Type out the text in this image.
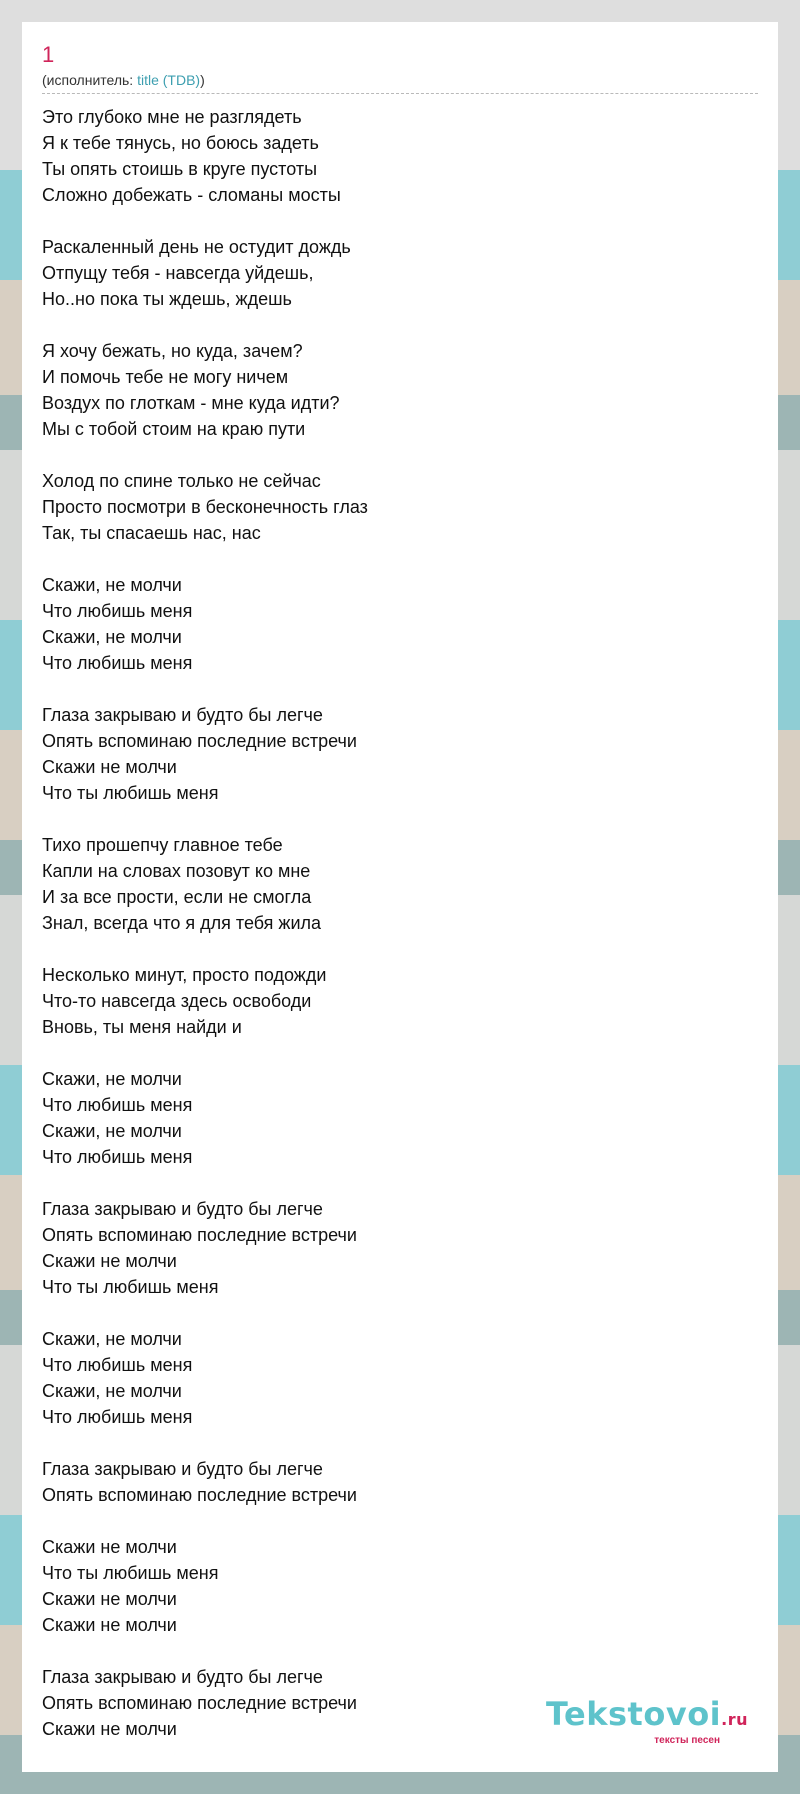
1
(исполнитель: title (TDB))
Это глубоко мне не разглядеть
Я к тебе тянусь, но боюсь задеть
Ты опять стоишь в круге пустоты
Сложно добежать - сломаны мосты
Раскаленный день не остудит дождь
Отпущу тебя - навсегда уйдешь,
Но..но пока ты ждешь, ждешь
Я хочу бежать, но куда, зачем?
И помочь тебе не могу ничем
Воздух по глоткам - мне куда идти?
Мы с тобой стоим на краю пути
Холод по спине только не сейчас
Просто посмотри в бесконечность глаз
Так, ты спасаешь нас, нас
Скажи, не молчи
Что любишь меня
Скажи, не молчи
Что любишь меня
Глаза закрываю и будто бы легче
Опять вспоминаю последние встречи
Скажи не молчи
Что ты любишь меня
Тихо прошепчу главное тебе
Капли на словах позовут ко мне
И за все прости, если не смогла
Знал, всегда что я для тебя жила
Несколько минут, просто подожди
Что-то навсегда здесь освободи
Вновь, ты меня найди и
Скажи, не молчи
Что любишь меня
Скажи, не молчи
Что любишь меня
Глаза закрываю и будто бы легче
Опять вспоминаю последние встречи
Скажи не молчи
Что ты любишь меня
Скажи, не молчи
Что любишь меня
Скажи, не молчи
Что любишь меня
Глаза закрываю и будто бы легче
Опять вспоминаю последние встречи
Скажи не молчи
Что ты любишь меня
Скажи не молчи
Скажи не молчи
Глаза закрываю и будто бы легче
Опять вспоминаю последние встречи
Скажи не молчи	Tekstovoi.ru
тексты песен
